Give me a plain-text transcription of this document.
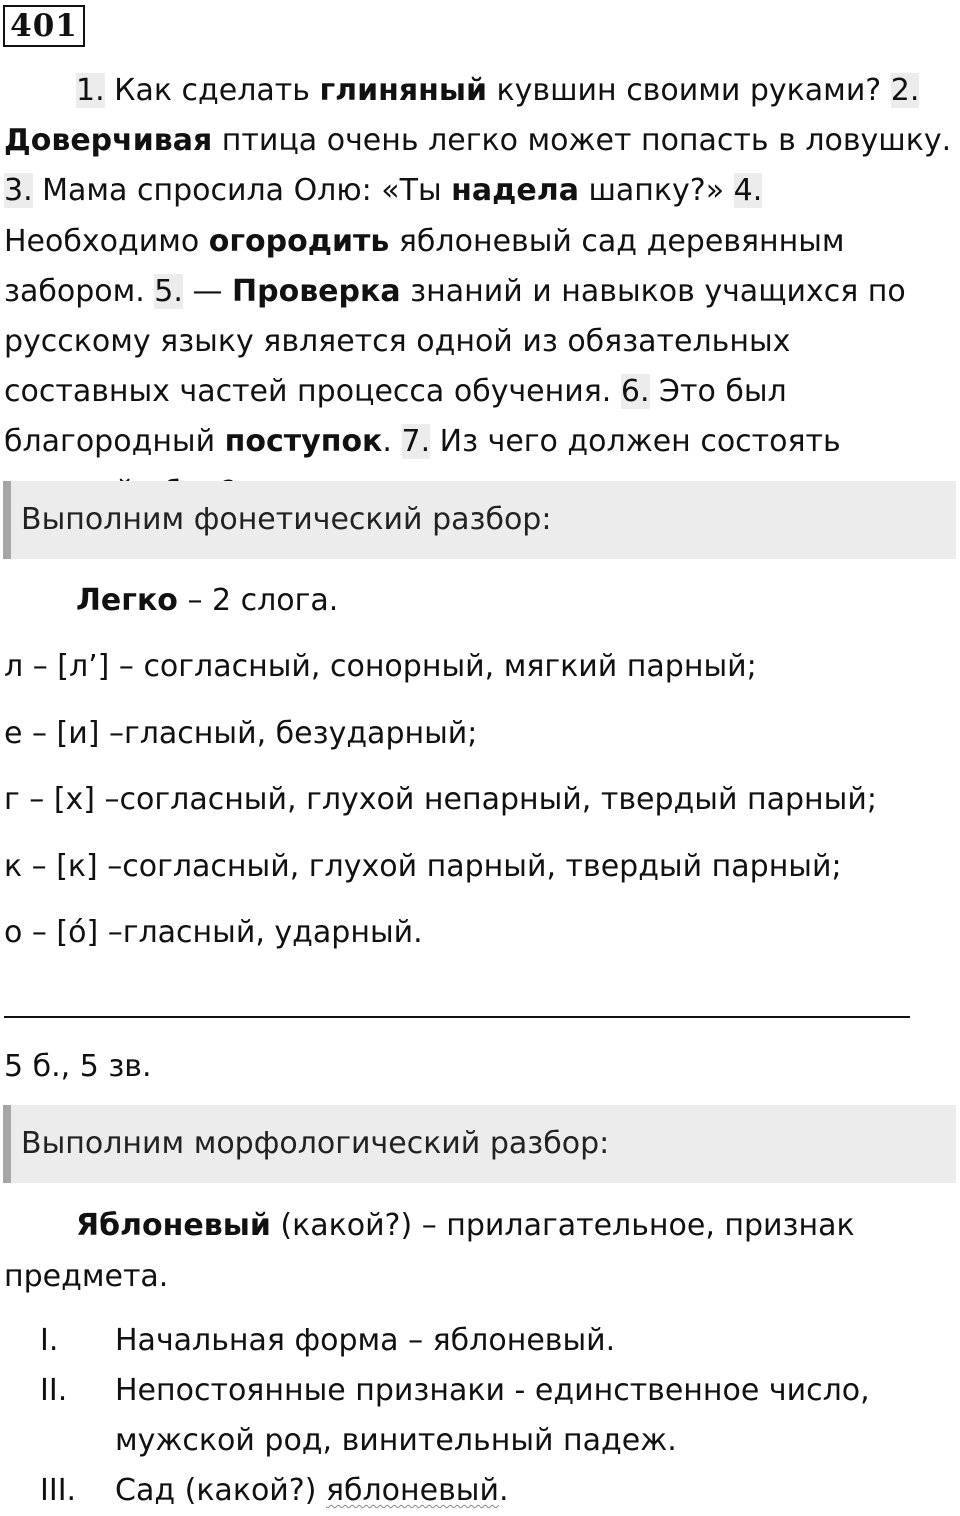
401
1. Как сделать глиняный кувшин своими руками? 2. Доверчивая птица очень легко может попасть в ловушку. 3. Мама спросила Олю: «Ты надела шапку?» 4. Необходимо огородить яблоневый сад деревянным забором. 5. — Проверка знаний и навыков учащихся по русскому языку является одной из обязательных составных частей процесса обучения. 6. Это был благородный поступок. 7. Из чего должен состоять
Выполним фонетический разбор:
Легко – 2 слога.
л – [л’] – согласный, сонорный, мягкий парный;
е – [и] –гласный, безударный;
г – [х] –согласный, глухой непарный, твердый парный;
к – [к] –согласный, глухой парный, твердый парный;
о – [о́] –гласный, ударный.
5 б., 5 зв.
Выполним морфологический разбор:
Яблоневый (какой?) – прилагательное, признак предмета.
I. Начальная форма – яблоневый.
II. Непостоянные признаки - единственное число, мужской род, винительный падеж.
III. Сад (какой?) яблоневый.
